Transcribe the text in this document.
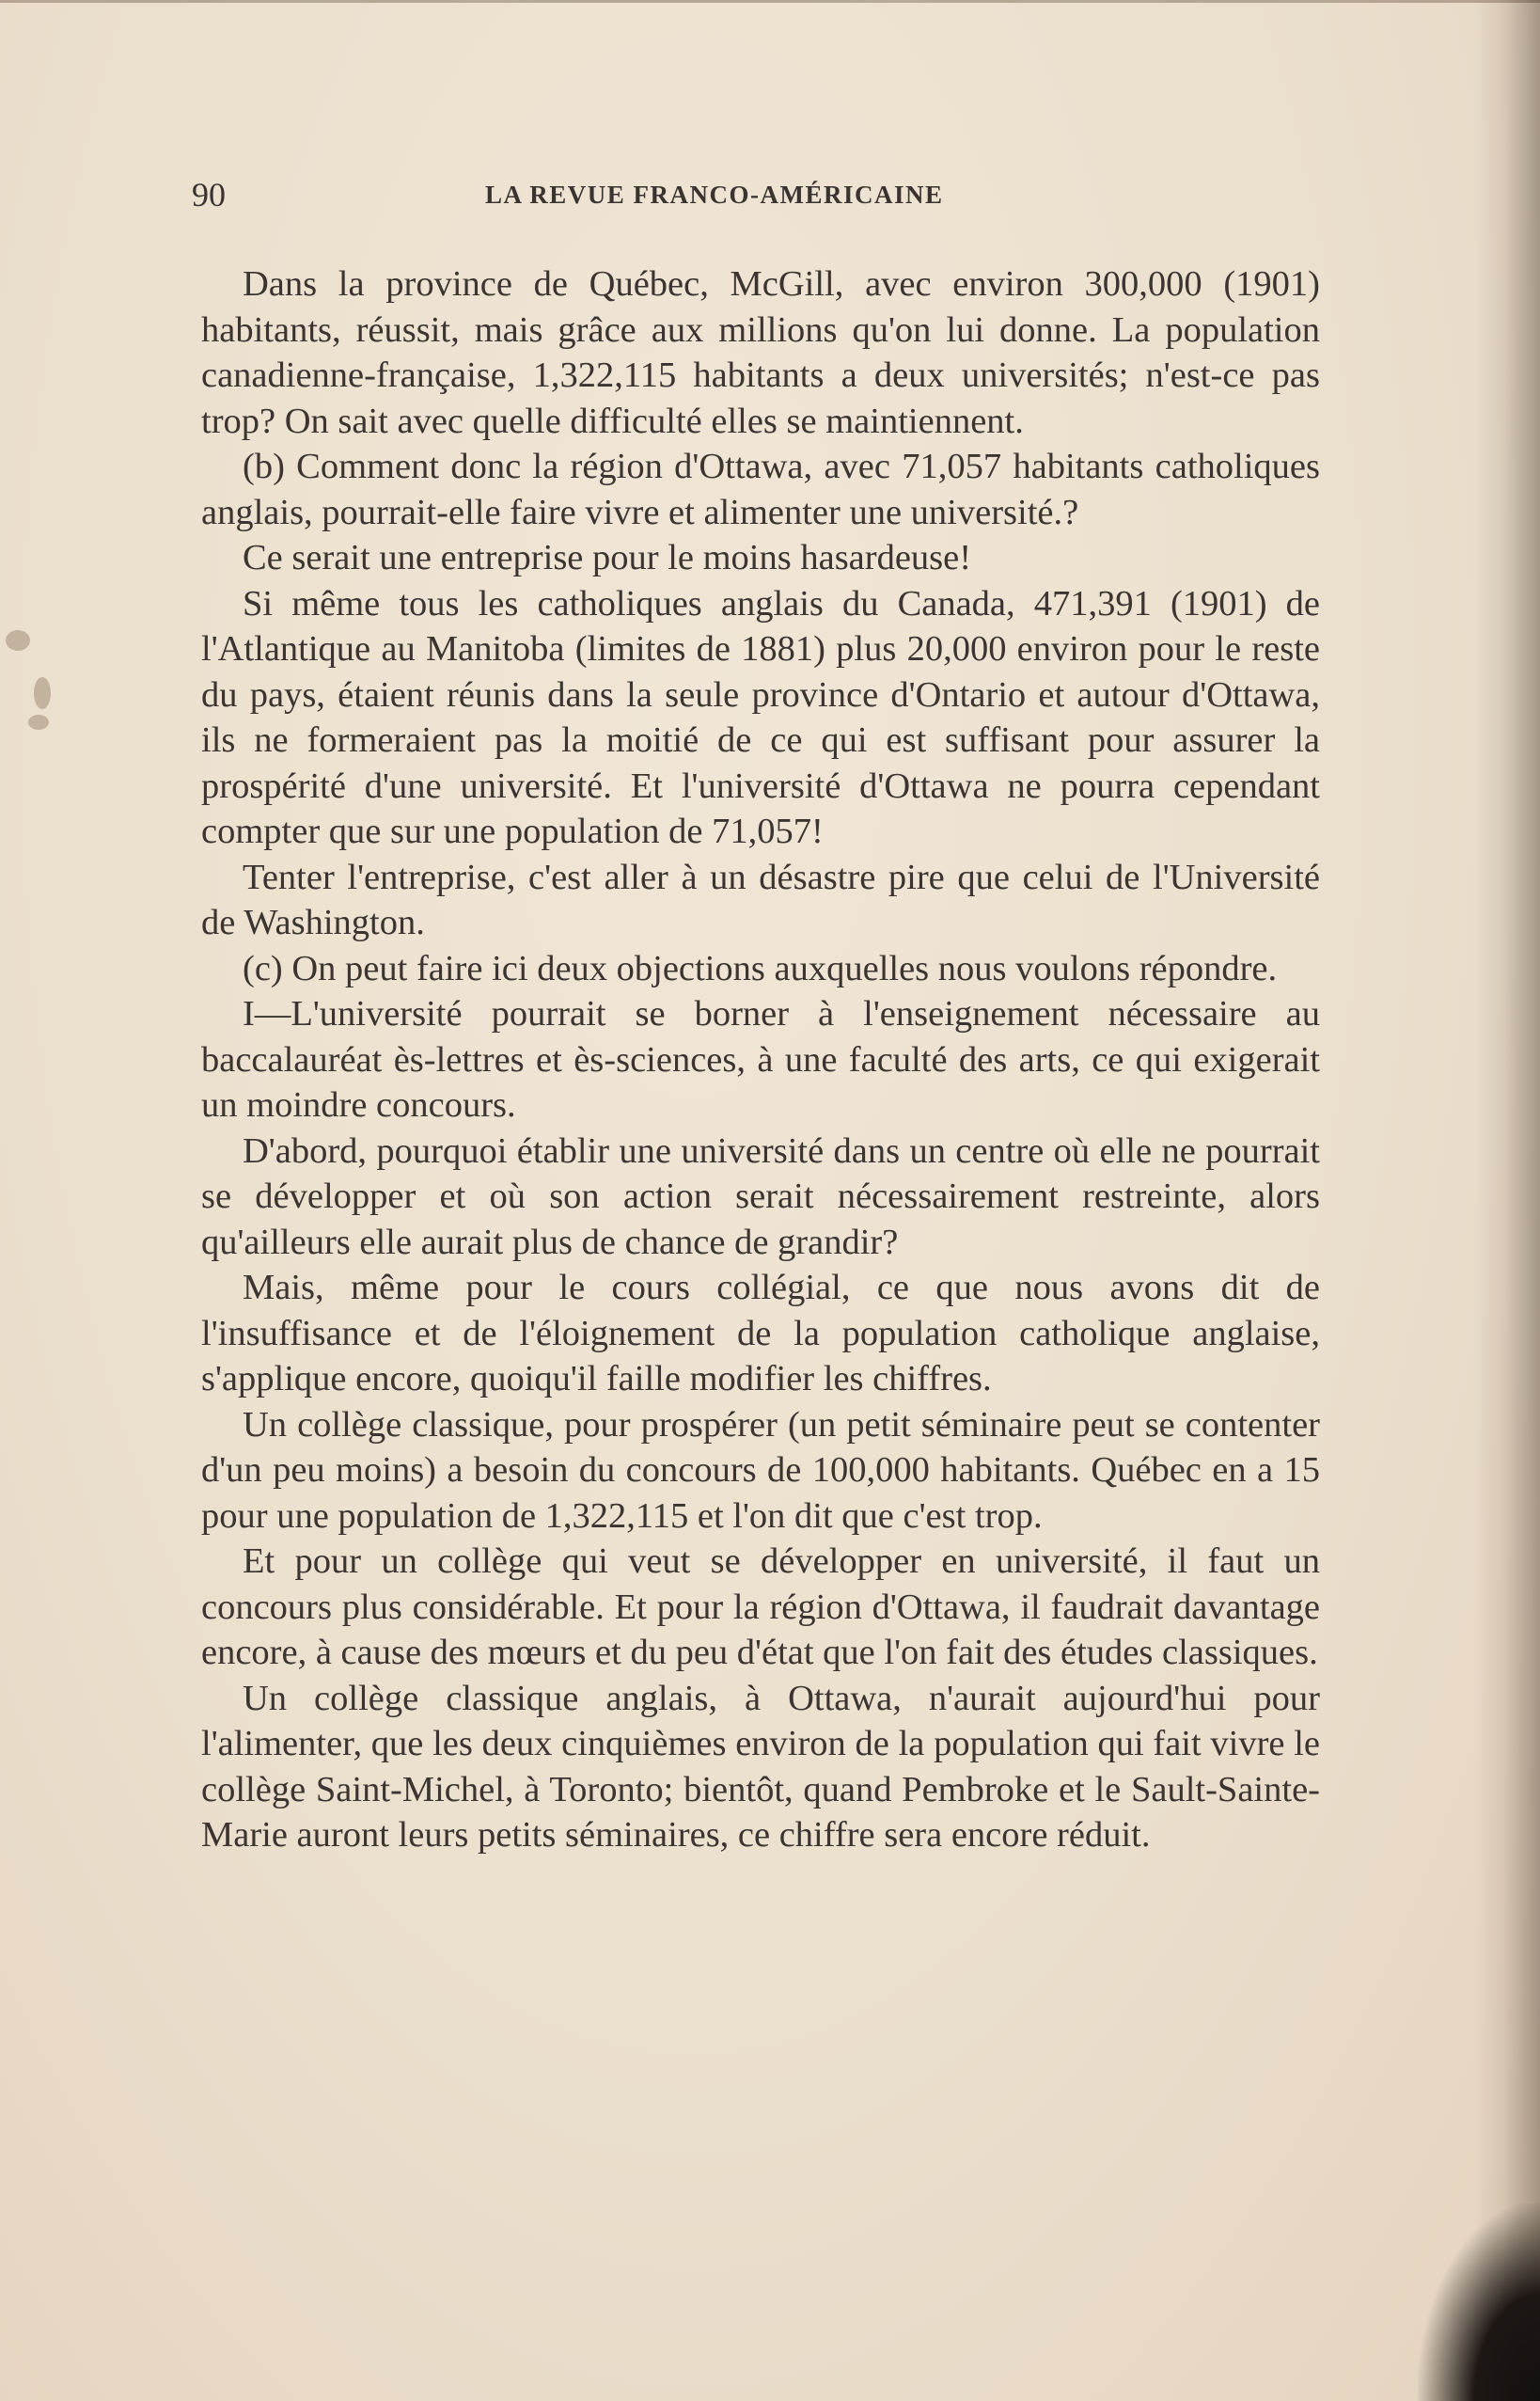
90	LA REVUE FRANCO-AMÉRICAINE

Dans la province de Québec, McGill, avec environ 300,000 (1901) habitants, réussit, mais grâce aux millions qu'on lui donne. La population canadienne-française, 1,322,115 habitants a deux universités; n'est-ce pas trop? On sait avec quelle difficulté elles se maintiennent.

(b) Comment donc la région d'Ottawa, avec 71,057 habitants catholiques anglais, pourrait-elle faire vivre et alimenter une université.?

Ce serait une entreprise pour le moins hasardeuse!

Si même tous les catholiques anglais du Canada, 471,391 (1901) de l'Atlantique au Manitoba (limites de 1881) plus 20,000 environ pour le reste du pays, étaient réunis dans la seule province d'Ontario et autour d'Ottawa, ils ne formeraient pas la moitié de ce qui est suffisant pour assurer la prospérité d'une université. Et l'université d'Ottawa ne pourra cependant compter que sur une population de 71,057!

Tenter l'entreprise, c'est aller à un désastre pire que celui de l'Université de Washington.

(c) On peut faire ici deux objections auxquelles nous voulons répondre.

I—L'université pourrait se borner à l'enseignement nécessaire au baccalauréat ès-lettres et ès-sciences, à une faculté des arts, ce qui exigerait un moindre concours.

D'abord, pourquoi établir une université dans un centre où elle ne pourrait se développer et où son action serait nécessairement restreinte, alors qu'ailleurs elle aurait plus de chance de grandir?

Mais, même pour le cours collégial, ce que nous avons dit de l'insuffisance et de l'éloignement de la population catholique anglaise, s'applique encore, quoiqu'il faille modifier les chiffres.

Un collège classique, pour prospérer (un petit séminaire peut se contenter d'un peu moins) a besoin du concours de 100,000 habitants. Québec en a 15 pour une population de 1,322,115 et l'on dit que c'est trop.

Et pour un collège qui veut se développer en université, il faut un concours plus considérable. Et pour la région d'Ottawa, il faudrait davantage encore, à cause des mœurs et du peu d'état que l'on fait des études classiques.

Un collège classique anglais, à Ottawa, n'aurait aujourd'hui pour l'alimenter, que les deux cinquièmes environ de la population qui fait vivre le collège Saint-Michel, à Toronto; bientôt, quand Pembroke et le Sault-Sainte-Marie auront leurs petits séminaires, ce chiffre sera encore réduit.
